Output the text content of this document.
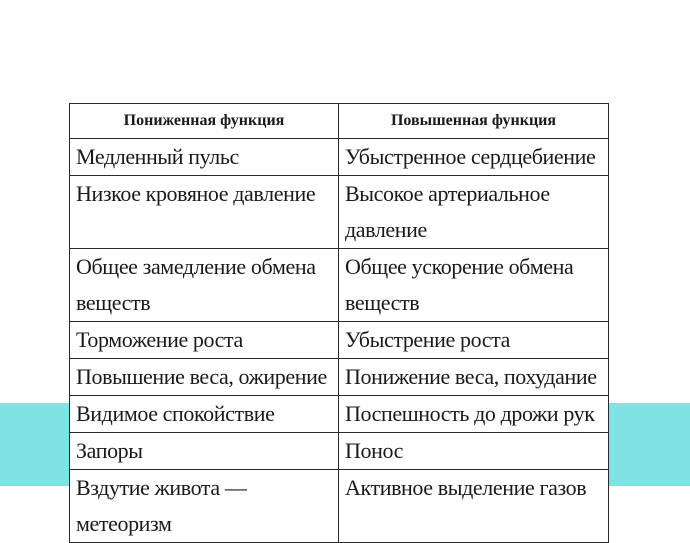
Пониженная функция	Повышенная функция
Медленный пульс	Убыстренное сердцебиение
Низкое кровяное давление	Высокое артериальное давление
Общее замедление обмена веществ	Общее ускорение обмена веществ
Торможение роста	Убыстрение роста
Повышение веса, ожирение	Понижение веса, похудание
Видимое спокойствие	Поспешность до дрожи рук
Запоры	Понос
Вздутие живота — метеоризм	Активное выделение газов
